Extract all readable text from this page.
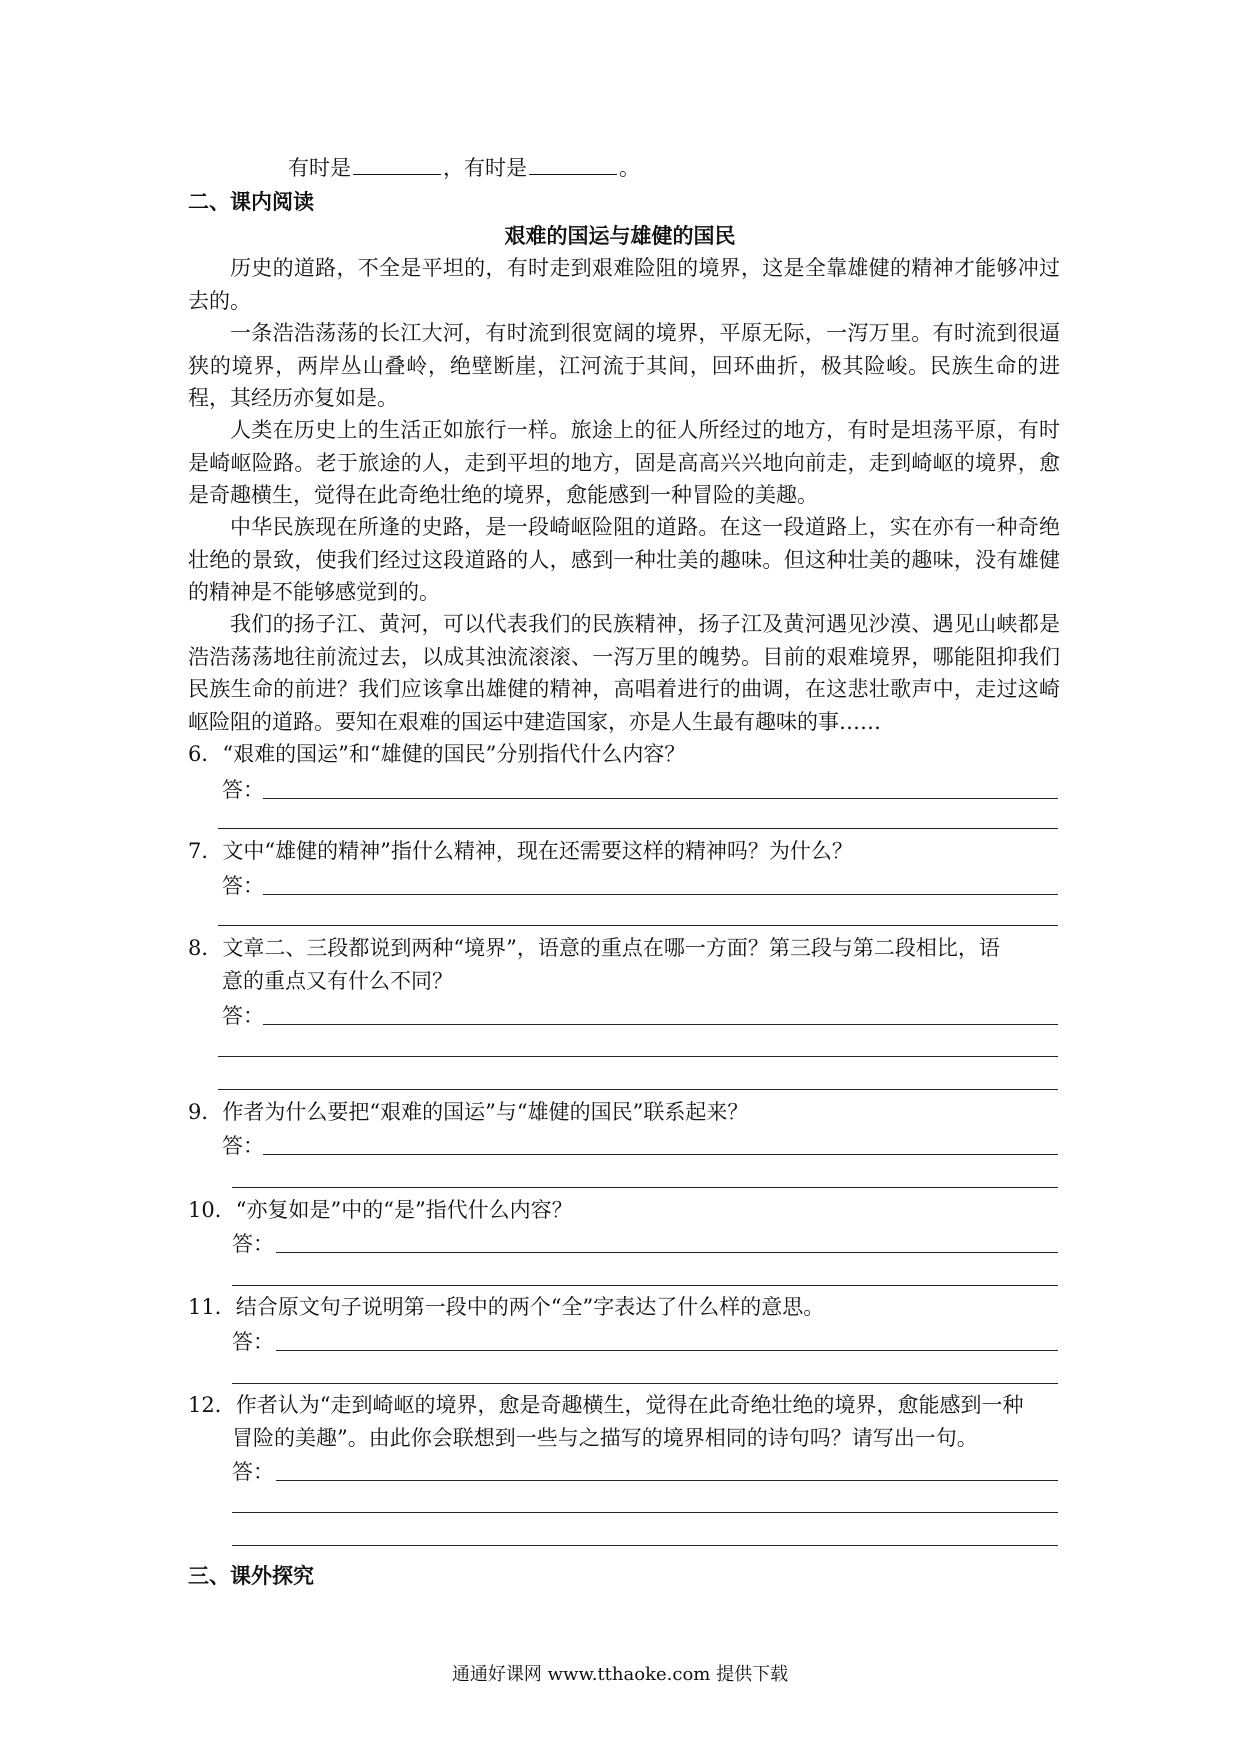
有时是	，有时是	。
二、课内阅读
艰难的国运与雄健的国民
历史的道路，不全是平坦的，有时走到艰难险阻的境界，这是全靠雄健的精神才能够冲过去的。
一条浩浩荡荡的长江大河，有时流到很宽阔的境界，平原无际，一泻万里。有时流到很逼狭的境界，两岸丛山叠岭，绝壁断崖，江河流于其间，回环曲折，极其险峻。民族生命的进程，其经历亦复如是。
人类在历史上的生活正如旅行一样。旅途上的征人所经过的地方，有时是坦荡平原，有时是崎岖险路。老于旅途的人，走到平坦的地方，固是高高兴兴地向前走，走到崎岖的境界，愈是奇趣横生，觉得在此奇绝壮绝的境界，愈能感到一种冒险的美趣。
中华民族现在所逢的史路，是一段崎岖险阻的道路。在这一段道路上，实在亦有一种奇绝壮绝的景致，使我们经过这段道路的人，感到一种壮美的趣味。但这种壮美的趣味，没有雄健的精神是不能够感觉到的。
我们的扬子江、黄河，可以代表我们的民族精神，扬子江及黄河遇见沙漠、遇见山峡都是浩浩荡荡地往前流过去，以成其浊流滚滚、一泻万里的魄势。目前的艰难境界，哪能阻抑我们民族生命的前进？我们应该拿出雄健的精神，高唱着进行的曲调，在这悲壮歌声中，走过这崎岖险阻的道路。要知在艰难的国运中建造国家，亦是人生最有趣味的事……
6．“艰难的国运”和“雄健的国民”分别指代什么内容？
答：
7．文中“雄健的精神”指什么精神，现在还需要这样的精神吗？为什么？
答：
8．文章二、三段都说到两种“境界”，语意的重点在哪一方面？第三段与第二段相比，语
意的重点又有什么不同？
答：
9．作者为什么要把“艰难的国运”与“雄健的国民”联系起来？
答：
10．“亦复如是”中的“是”指代什么内容？
答：
11．结合原文句子说明第一段中的两个“全”字表达了什么样的意思。
答：
12．作者认为“走到崎岖的境界，愈是奇趣横生，觉得在此奇绝壮绝的境界，愈能感到一种
冒险的美趣”。由此你会联想到一些与之描写的境界相同的诗句吗？请写出一句。
答：
三、课外探究
通通好课网 www.tthaoke.com 提供下载
